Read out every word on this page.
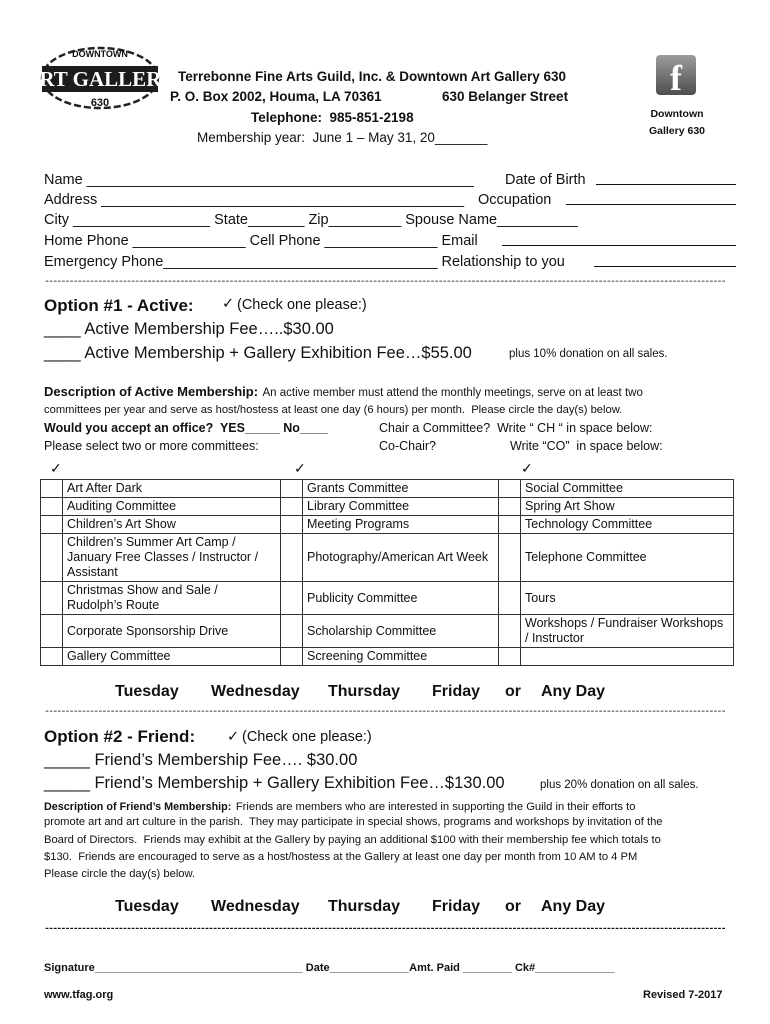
DOWNTOWN
ART GALLERY
630
Terrebonne Fine Arts Guild, Inc. & Downtown Art Gallery 630
P. O. Box 2002, Houma, LA 70361	630 Belanger Street
Telephone:  985-851-2198
Membership year:  June 1 – May 31, 20_______
f
Downtown
Gallery 630
Name ________________________________________________ Date of Birth
Address _____________________________________________ Occupation
City _________________ State_______ Zip_________ Spouse Name__________
Home Phone ______________ Cell Phone ______________ Email
Emergency Phone__________________________________ Relationship to you
----------------------------------------------------------------------------------------------------------------------------------------------------------------------
Option #1 - Active: ✓ (Check one please:)
____ Active Membership Fee…..$30.00
____ Active Membership + Gallery Exhibition Fee…$55.00	plus 10% donation on all sales.
Description of Active Membership: An active member must attend the monthly meetings, serve on at least two
committees per year and serve as host/hostess at least one day (6 hours) per month.  Please circle the day(s) below.
Would you accept an office?  YES_____ No____	Chair a Committee?  Write “ CH “ in space below:
Please select two or more committees:	Co-Chair?	Write “CO”  in space below:
✓	✓	✓
	Art After Dark		Grants Committee		Social Committee
	Auditing Committee		Library Committee		Spring Art Show
	Children’s Art Show		Meeting Programs		Technology Committee
	Children’s Summer Art Camp / January Free Classes / Instructor / Assistant		Photography/American Art Week		Telephone Committee
	Christmas Show and Sale / Rudolph’s Route		Publicity Committee		Tours
	Corporate Sponsorship Drive		Scholarship Committee		Workshops / Fundraiser Workshops / Instructor
	Gallery Committee		Screening Committee		
Tuesday Wednesday Thursday Friday or Any Day
----------------------------------------------------------------------------------------------------------------------------------------------------------------------
Option #2 - Friend: ✓ (Check one please:)
_____ Friend’s Membership Fee…. $30.00
_____ Friend’s Membership + Gallery Exhibition Fee…$130.00	plus 20% donation on all sales.
Description of Friend’s Membership: Friends are members who are interested in supporting the Guild in their efforts to
promote art and art culture in the parish.  They may participate in special shows, programs and workshops by invitation of the
Board of Directors.  Friends may exhibit at the Gallery by paying an additional $100 with their membership fee which totals to
$130.  Friends are encouraged to serve as a host/hostess at the Gallery at least one day per month from 10 AM to 4 PM
Please circle the day(s) below.
Tuesday Wednesday Thursday Friday or Any Day
----------------------------------------------------------------------------------------------------------------------------------------------------------------------
Signature__________________________________ Date_____________Amt. Paid ________ Ck#_____________
www.tfag.org	Revised 7-2017
